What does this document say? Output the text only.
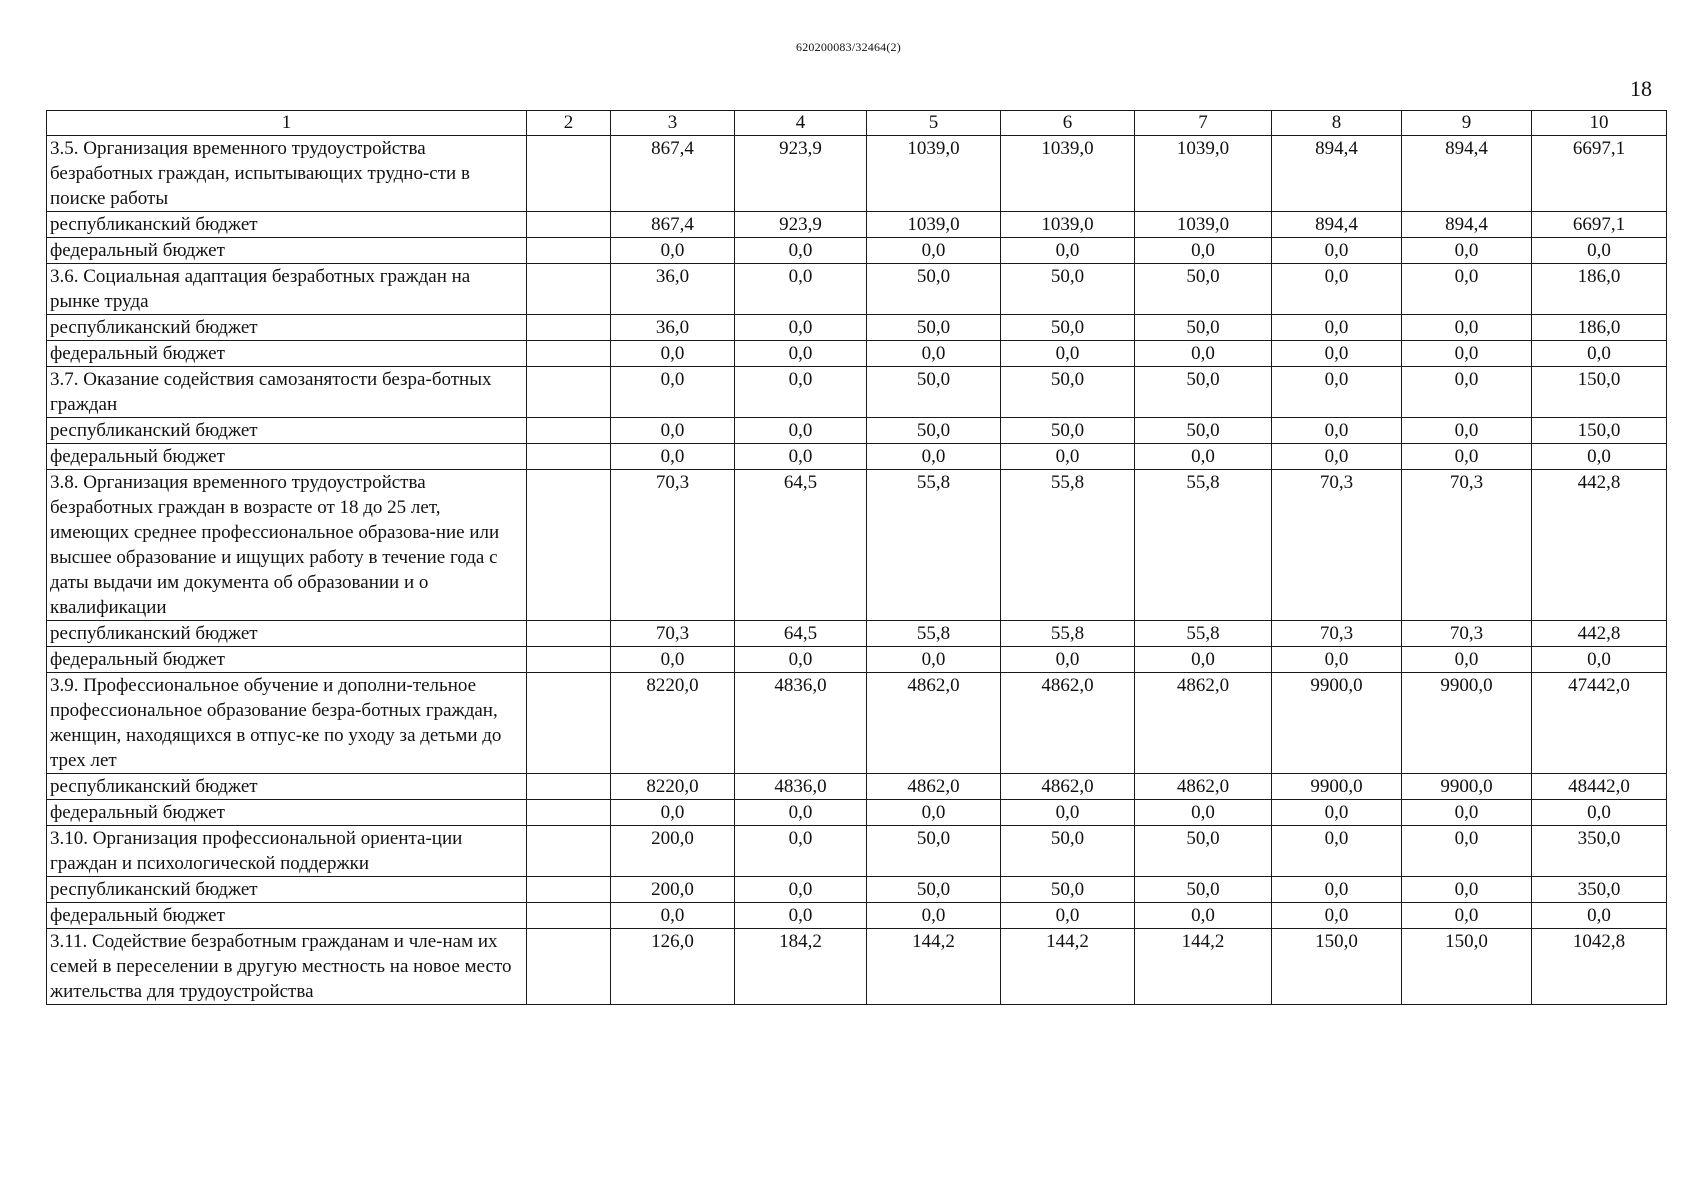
620200083/32464(2)
18
1	2	3	4	5	6	7	8	9	10
3.5. Организация временного трудоустройства безработных граждан, испытывающих трудно-сти в поиске работы		867,4	923,9	1039,0	1039,0	1039,0	894,4	894,4	6697,1
республиканский бюджет		867,4	923,9	1039,0	1039,0	1039,0	894,4	894,4	6697,1
федеральный бюджет		0,0	0,0	0,0	0,0	0,0	0,0	0,0	0,0
3.6. Социальная адаптация безработных граждан на рынке труда		36,0	0,0	50,0	50,0	50,0	0,0	0,0	186,0
республиканский бюджет		36,0	0,0	50,0	50,0	50,0	0,0	0,0	186,0
федеральный бюджет		0,0	0,0	0,0	0,0	0,0	0,0	0,0	0,0
3.7. Оказание содействия самозанятости безра-ботных граждан		0,0	0,0	50,0	50,0	50,0	0,0	0,0	150,0
республиканский бюджет		0,0	0,0	50,0	50,0	50,0	0,0	0,0	150,0
федеральный бюджет		0,0	0,0	0,0	0,0	0,0	0,0	0,0	0,0
3.8. Организация временного трудоустройства безработных граждан в возрасте от 18 до 25 лет, имеющих среднее профессиональное образова-ние или высшее образование и ищущих работу в течение года с даты выдачи им документа об образовании и о квалификации		70,3	64,5	55,8	55,8	55,8	70,3	70,3	442,8
республиканский бюджет		70,3	64,5	55,8	55,8	55,8	70,3	70,3	442,8
федеральный бюджет		0,0	0,0	0,0	0,0	0,0	0,0	0,0	0,0
3.9. Профессиональное обучение и дополни-тельное профессиональное образование безра-ботных граждан, женщин, находящихся в отпус-ке по уходу за детьми до трех лет		8220,0	4836,0	4862,0	4862,0	4862,0	9900,0	9900,0	47442,0
республиканский бюджет		8220,0	4836,0	4862,0	4862,0	4862,0	9900,0	9900,0	48442,0
федеральный бюджет		0,0	0,0	0,0	0,0	0,0	0,0	0,0	0,0
3.10. Организация профессиональной ориента-ции граждан и психологической поддержки		200,0	0,0	50,0	50,0	50,0	0,0	0,0	350,0
республиканский бюджет		200,0	0,0	50,0	50,0	50,0	0,0	0,0	350,0
федеральный бюджет		0,0	0,0	0,0	0,0	0,0	0,0	0,0	0,0
3.11. Содействие безработным гражданам и чле-нам их семей в переселении в другую местность на новое место жительства для трудоустройства		126,0	184,2	144,2	144,2	144,2	150,0	150,0	1042,8
